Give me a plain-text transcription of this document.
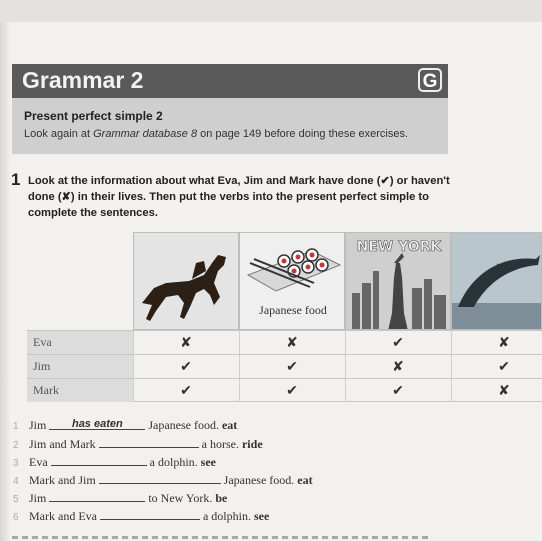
Grammar 2	G
Present perfect simple 2
Look again at Grammar database 8 on page 149 before doing these exercises.
1 Look at the information about what Eva, Jim and Mark have done (✔) or haven't done (✘) in their lives. Then put the verbs into the present perfect simple to complete the sentences.
Japanese food
NEW YORK
Eva	✘	✘	✔	✘
Jim	✔	✔	✘	✔
Mark	✔	✔	✔	✘
1 Jim has eaten Japanese food. eat
2 Jim and Mark	a horse. ride
3 Eva	a dolphin. see
4 Mark and Jim	Japanese food. eat
5 Jim	to New York. be
6 Mark and Eva	a dolphin. see
